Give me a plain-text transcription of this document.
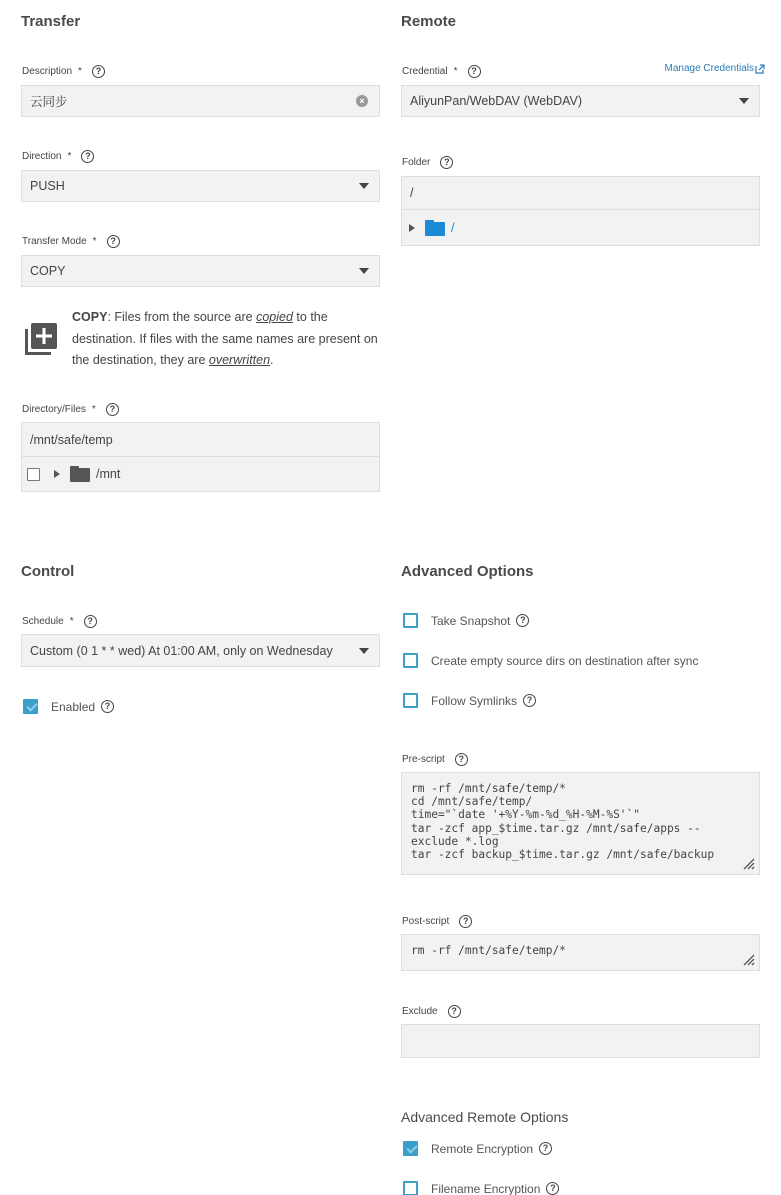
Transfer
Description *	?
云同步	×
Direction *	?
PUSH
Transfer Mode *	?
COPY
COPY: Files from the source are copied to the destination. If files with the same names are present on the destination, they are overwritten.
Directory/Files *	?
/mnt/safe/temp
/mnt
Remote
Credential *	?	Manage Credentials
AliyunPan/WebDAV (WebDAV)
Folder	?
/
/
Control
Schedule *	?
Custom (0 1 * * wed) At 01:00 AM, only on Wednesday
Enabled	?
Advanced Options
Take Snapshot	?
Create empty source dirs on destination after sync
Follow Symlinks	?
Pre-script	?
rm -rf /mnt/safe/temp/*
cd /mnt/safe/temp/
time="`date '+%Y-%m-%d_%H-%M-%S'`"
tar -zcf app_$time.tar.gz /mnt/safe/apps --
exclude *.log
tar -zcf backup_$time.tar.gz /mnt/safe/backup
Post-script	?
rm -rf /mnt/safe/temp/*
Exclude	?
Advanced Remote Options
Remote Encryption	?
Filename Encryption	?
